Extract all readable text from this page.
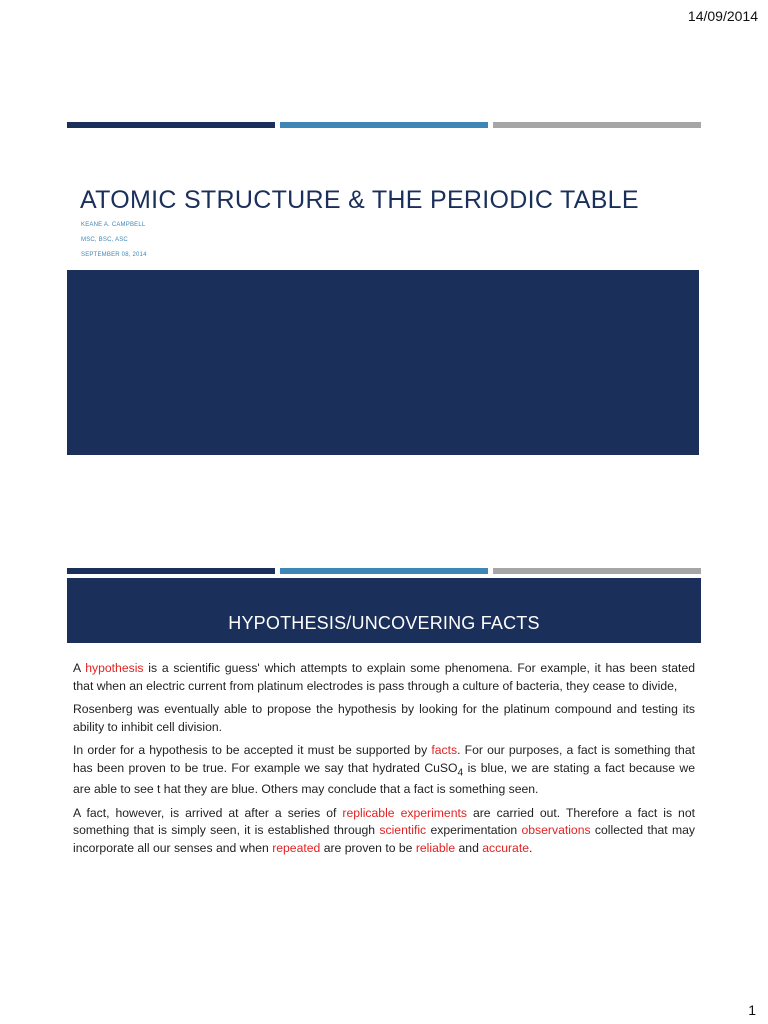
14/09/2014
ATOMIC STRUCTURE & THE PERIODIC TABLE
KEANE A. CAMPBELL
MSC, BSC, ASC
SEPTEMBER 08, 2014
HYPOTHESIS/UNCOVERING FACTS

A hypothesis is a scientific guess' which attempts to explain some phenomena. For example, it has been stated that when an electric current from platinum electrodes is pass through a culture of bacteria, they cease to divide,

Rosenberg was eventually able to propose the hypothesis by looking for the platinum compound and testing its ability to inhibit cell division.

In order for a hypothesis to be accepted it must be supported by facts. For our purposes, a fact is something that has been proven to be true. For example we say that hydrated CuSO$_4$ is blue, we are stating a fact because we are able to see t hat they are blue. Others may conclude that a fact is something seen.

A fact, however, is arrived at after a series of replicable experiments are carried out. Therefore a fact is not something that is simply seen, it is established through scientific experimentation observations collected that may incorporate all our senses and when repeated are proven to be reliable and accurate.

1
